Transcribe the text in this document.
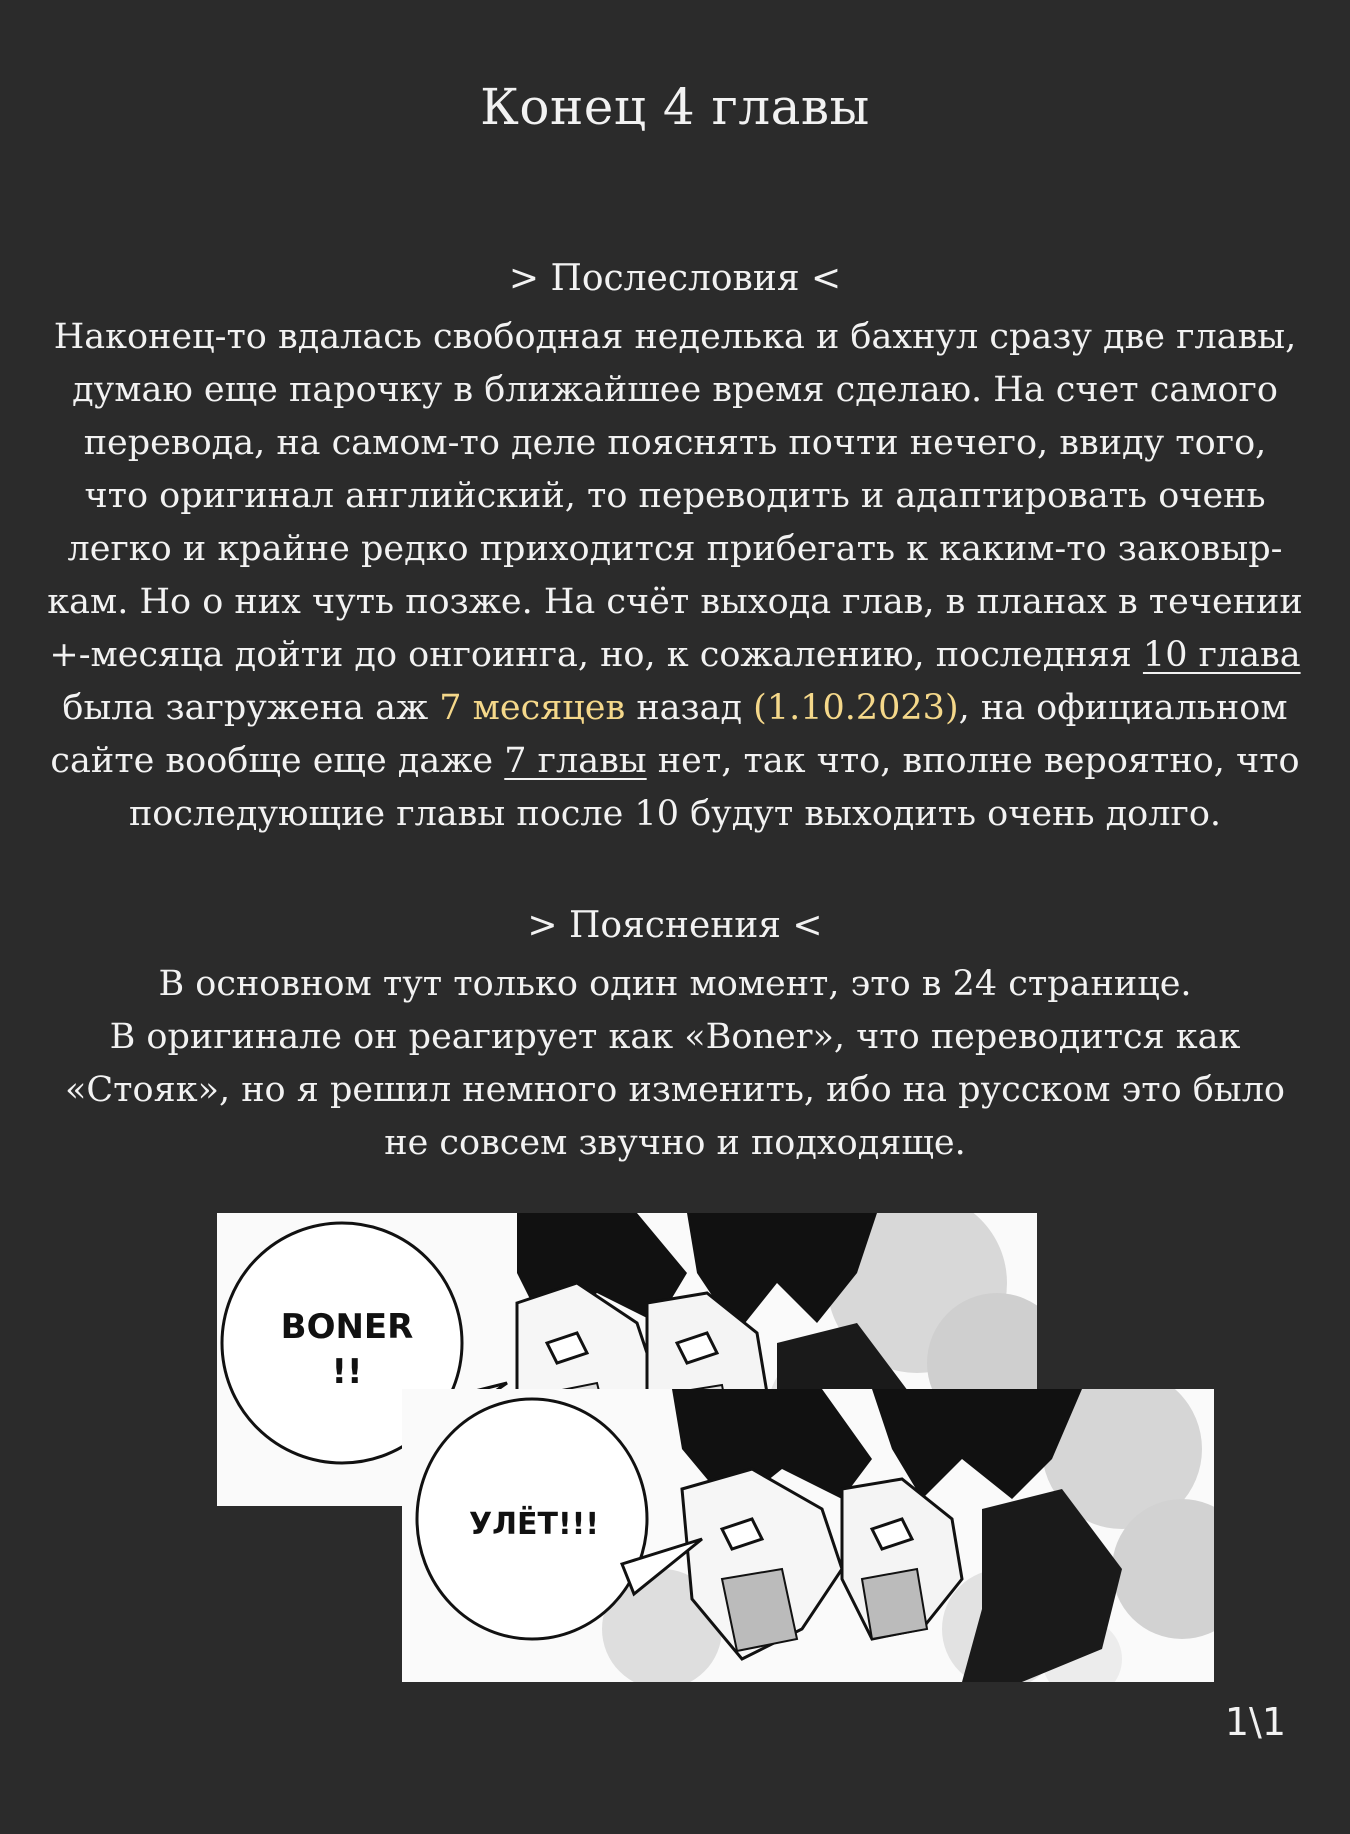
Конец 4 главы
> Послесловия <
Наконец-то вдалась свободная неделька и бахнул сразу две главы,
думаю еще парочку в ближайшее время сделаю. На счет самого
перевода, на самом-то деле пояснять почти нечего, ввиду того,
что оригинал английский, то переводить и адаптировать очень
легко и крайне редко приходится прибегать к каким-то заковыр-
кам. Но о них чуть позже. На счёт выхода глав, в планах в течении
+-месяца дойти до онгоинга, но, к сожалению, последняя 10 глава
была загружена аж 7 месяцев назад (1.10.2023), на официальном
сайте вообще еще даже 7 главы нет, так что, вполне вероятно, что
последующие главы после 10 будут выходить очень долго.
> Пояснения <
В основном тут только один момент, это в 24 странице.
В оригинале он реагирует как «Boner», что переводится как
«Стояк», но я решил немного изменить, ибо на русском это было
не совсем звучно и подходяще.
BONER
!!
УЛЁТ!!!
1\1
